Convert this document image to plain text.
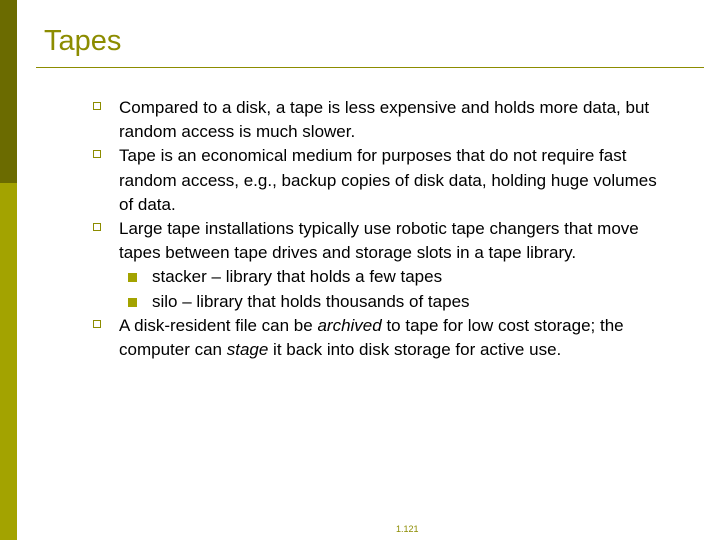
Tapes
Compared to a disk, a tape is less expensive and holds more data, but random access is much slower.
Tape is an economical medium for purposes that do not require fast random access, e.g., backup copies of disk data, holding huge volumes of data.
Large tape installations typically use robotic tape changers that move tapes between tape drives and storage slots in a tape library.
stacker – library that holds a few tapes
silo – library that holds thousands of tapes
A disk-resident file can be archived to tape for low cost storage; the computer can stage it back into disk storage for active use.
1.121
